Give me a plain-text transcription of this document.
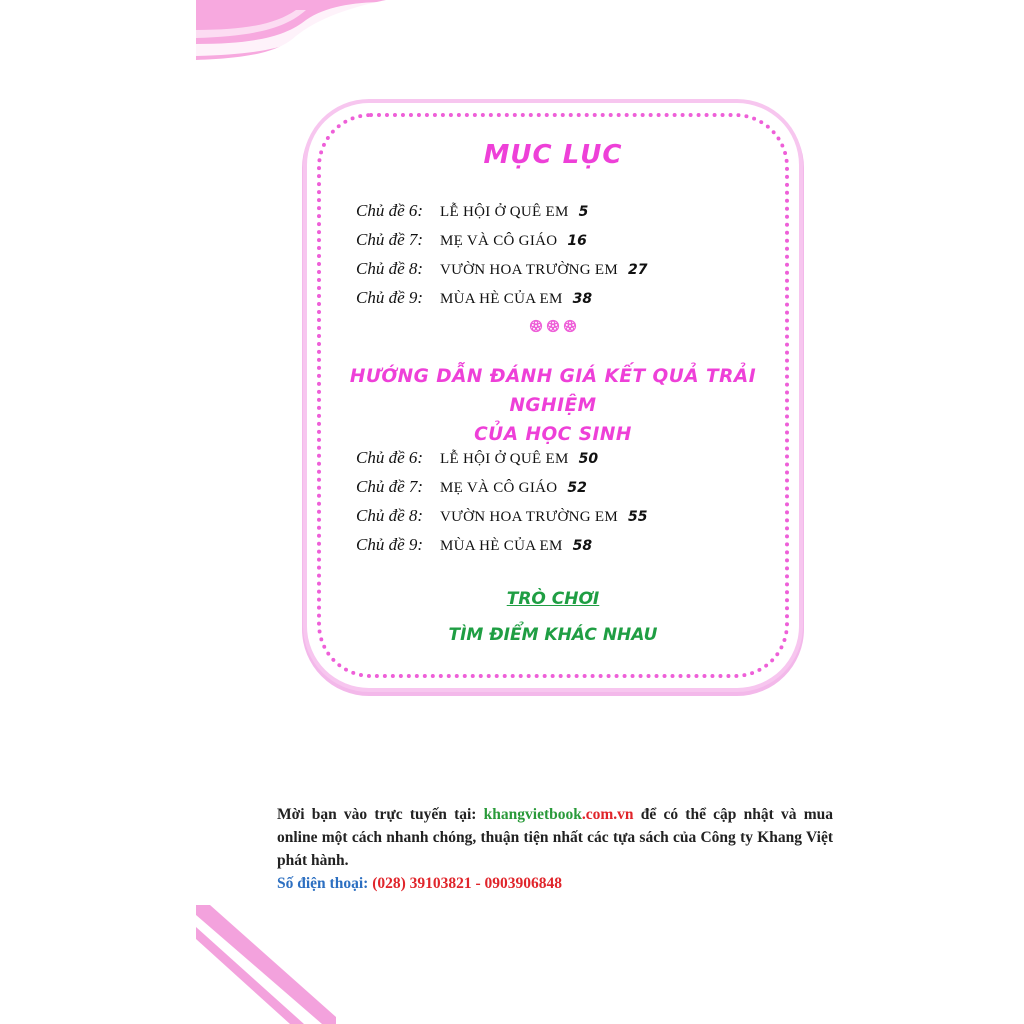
MỤC LỤC
Chủ đề 6: LỄ HỘI Ở QUÊ EM 5
Chủ đề 7: MẸ VÀ CÔ GIÁO 16
Chủ đề 8: VƯỜN HOA TRƯỜNG EM 27
Chủ đề 9: MÙA HÈ CỦA EM 38
HƯỚNG DẪN ĐÁNH GIÁ KẾT QUẢ TRẢI NGHIỆM
CỦA HỌC SINH
Chủ đề 6: LỄ HỘI Ở QUÊ EM 50
Chủ đề 7: MẸ VÀ CÔ GIÁO 52
Chủ đề 8: VƯỜN HOA TRƯỜNG EM 55
Chủ đề 9: MÙA HÈ CỦA EM 58
TRÒ CHƠI
TÌM ĐIỂM KHÁC NHAU
Mời bạn vào trực tuyến tại: khangvietbook.com.vn để có thể cập nhật và mua online một cách nhanh chóng, thuận tiện nhất các tựa sách của Công ty Khang Việt phát hành.
Số điện thoại: (028) 39103821 - 0903906848
